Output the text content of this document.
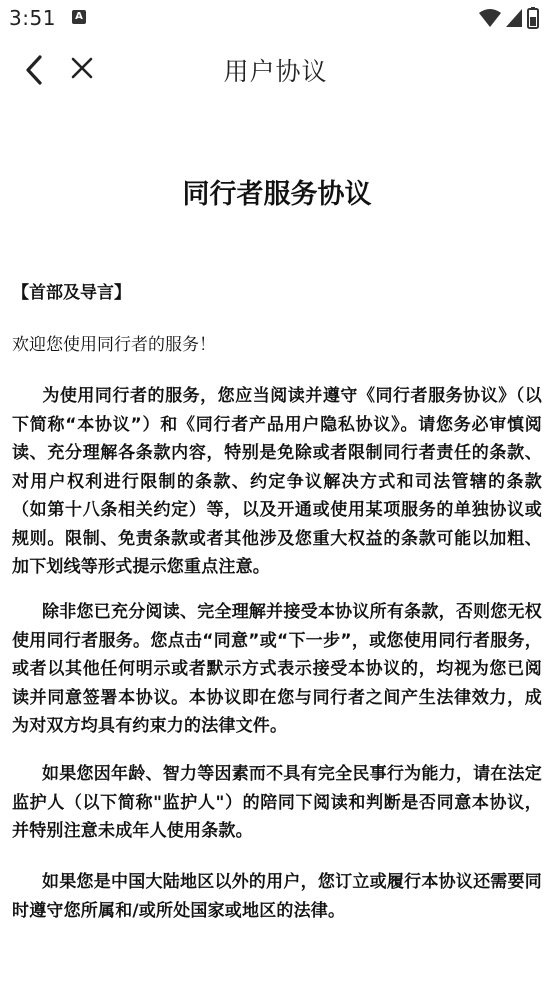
3:51	A
用户协议
同行者服务协议
【首部及导言】
欢迎您使用同行者的服务！
为使用同行者的服务，您应当阅读并遵守《同行者服务协议》（以下简称“本协议”）和《同行者产品用户隐私协议》。请您务必审慎阅读、充分理解各条款内容，特别是免除或者限制同行者责任的条款、对用户权利进行限制的条款、约定争议解决方式和司法管辖的条款（如第十八条相关约定）等，以及开通或使用某项服务的单独协议或规则。限制、免责条款或者其他涉及您重大权益的条款可能以加粗、加下划线等形式提示您重点注意。
除非您已充分阅读、完全理解并接受本协议所有条款，否则您无权使用同行者服务。您点击“同意”或“下一步”，或您使用同行者服务，或者以其他任何明示或者默示方式表示接受本协议的，均视为您已阅读并同意签署本协议。本协议即在您与同行者之间产生法律效力，成为对双方均具有约束力的法律文件。
如果您因年龄、智力等因素而不具有完全民事行为能力，请在法定监护人（以下简称"监护人"）的陪同下阅读和判断是否同意本协议，并特别注意未成年人使用条款。
如果您是中国大陆地区以外的用户，您订立或履行本协议还需要同时遵守您所属和/或所处国家或地区的法律。
